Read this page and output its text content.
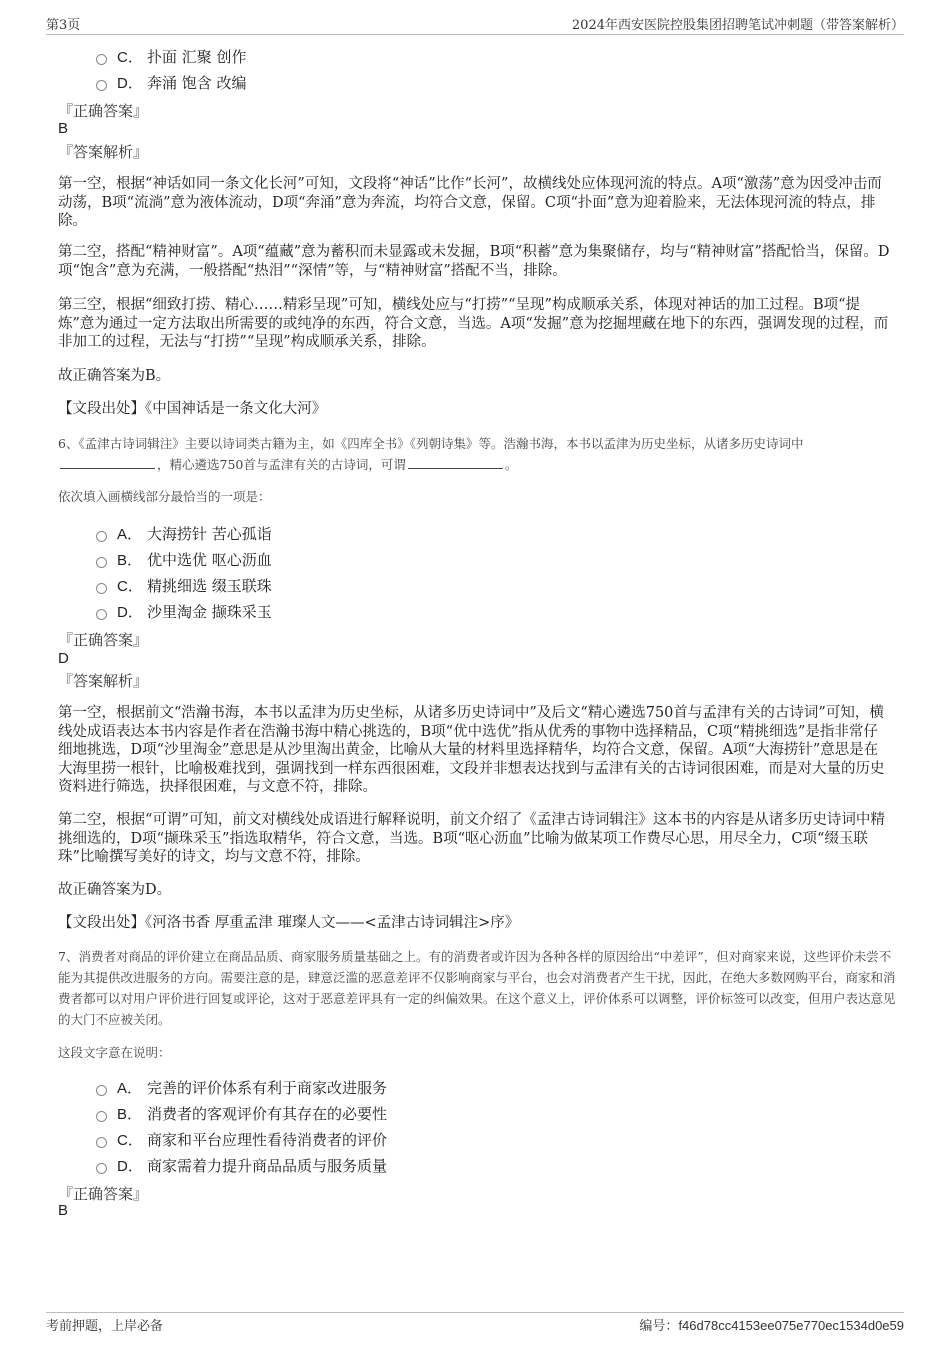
第3页	2024年西安医院控股集团招聘笔试冲刺题（带答案解析）
C． 扑面 汇聚 创作
D． 奔涌 饱含 改编
『正确答案』
B
『答案解析』
第一空，根据“神话如同一条文化长河”可知，文段将“神话”比作“长河”，故横线处应体现河流的特点。A项“激荡”意为因受冲击而动荡，B项“流淌”意为液体流动，D项“奔涌”意为奔流，均符合文意，保留。C项“扑面”意为迎着脸来，无法体现河流的特点，排除。
第二空，搭配“精神财富”。A项“蕴藏”意为蓄积而未显露或未发掘，B项“积蓄”意为集聚储存，均与“精神财富”搭配恰当，保留。D项“饱含”意为充满，一般搭配“热泪”“深情”等，与“精神财富”搭配不当，排除。
第三空，根据“细致打捞、精心……精彩呈现”可知，横线处应与“打捞”“呈现”构成顺承关系，体现对神话的加工过程。B项“提炼”意为通过一定方法取出所需要的或纯净的东西，符合文意，当选。A项“发掘”意为挖掘埋藏在地下的东西，强调发现的过程，而非加工的过程，无法与“打捞”“呈现”构成顺承关系，排除。
故正确答案为B。
【文段出处】《中国神话是一条文化大河》
6、《孟津古诗词辑注》主要以诗词类古籍为主，如《四库全书》《列朝诗集》等。浩瀚书海，本书以孟津为历史坐标，从诸多历史诗词中
，精心遴选750首与孟津有关的古诗词，可谓	。
依次填入画横线部分最恰当的一项是：
A． 大海捞针 苦心孤诣
B． 优中选优 呕心沥血
C． 精挑细选 缀玉联珠
D． 沙里淘金 撷珠采玉
『正确答案』
D
『答案解析』
第一空，根据前文“浩瀚书海，本书以孟津为历史坐标，从诸多历史诗词中”及后文“精心遴选750首与孟津有关的古诗词”可知，横线处成语表达本书内容是作者在浩瀚书海中精心挑选的，B项“优中选优”指从优秀的事物中选择精品，C项“精挑细选”是指非常仔细地挑选，D项“沙里淘金”意思是从沙里淘出黄金，比喻从大量的材料里选择精华，均符合文意，保留。A项“大海捞针”意思是在大海里捞一根针，比喻极难找到，强调找到一样东西很困难，文段并非想表达找到与孟津有关的古诗词很困难，而是对大量的历史资料进行筛选，抉择很困难，与文意不符，排除。
第二空，根据“可谓”可知，前文对横线处成语进行解释说明，前文介绍了《孟津古诗词辑注》这本书的内容是从诸多历史诗词中精挑细选的，D项“撷珠采玉”指选取精华，符合文意，当选。B项“呕心沥血”比喻为做某项工作费尽心思，用尽全力，C项“缀玉联珠”比喻撰写美好的诗文，均与文意不符，排除。
故正确答案为D。
【文段出处】《河洛书香 厚重孟津 璀璨人文——<孟津古诗词辑注>序》
7、消费者对商品的评价建立在商品品质、商家服务质量基础之上。有的消费者或许因为各种各样的原因给出“中差评”，但对商家来说，这些评价未尝不能为其提供改进服务的方向。需要注意的是，肆意泛滥的恶意差评不仅影响商家与平台，也会对消费者产生干扰，因此，在绝大多数网购平台，商家和消费者都可以对用户评价进行回复或评论，这对于恶意差评具有一定的纠偏效果。在这个意义上，评价体系可以调整，评价标签可以改变，但用户表达意见的大门不应被关闭。
这段文字意在说明：
A． 完善的评价体系有利于商家改进服务
B． 消费者的客观评价有其存在的必要性
C． 商家和平台应理性看待消费者的评价
D． 商家需着力提升商品品质与服务质量
『正确答案』
B
考前押题，上岸必备	编号：f46d78cc4153ee075e770ec1534d0e59
